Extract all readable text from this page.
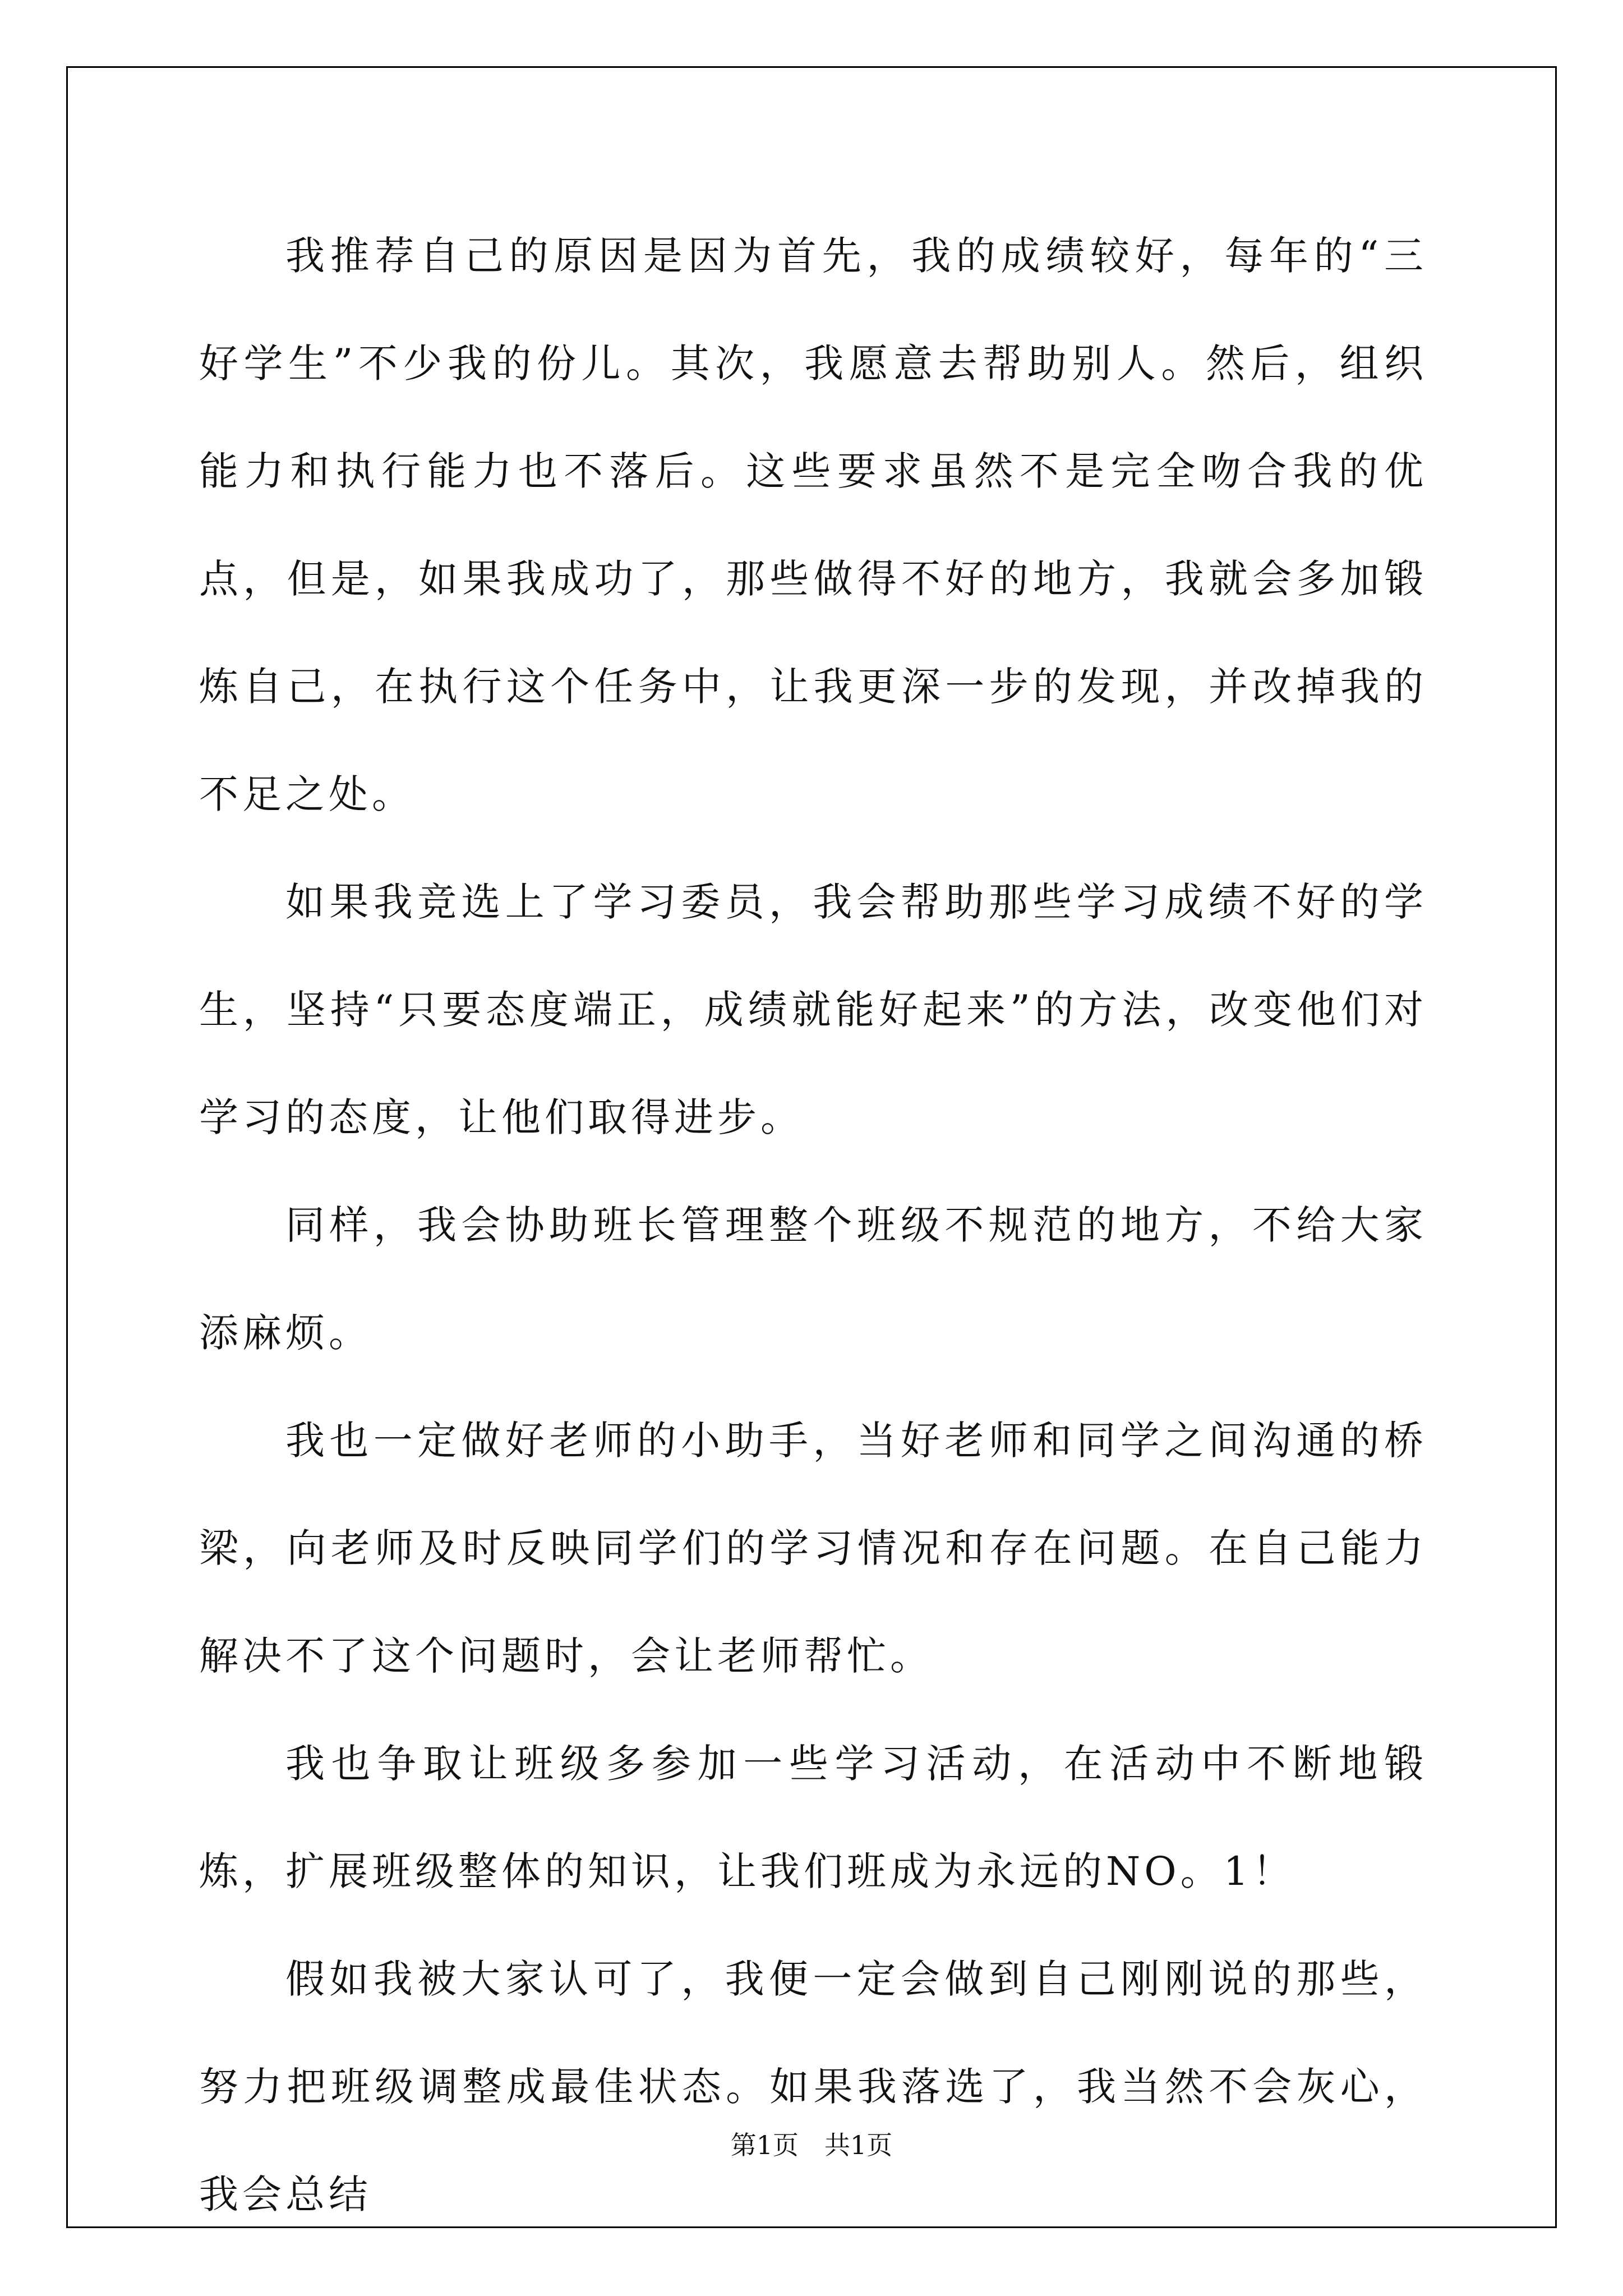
我推荐自己的原因是因为首先，我的成绩较好，每年的“三好学生”不少我的份儿。其次，我愿意去帮助别人。然后，组织能力和执行能力也不落后。这些要求虽然不是完全吻合我的优点，但是，如果我成功了，那些做得不好的地方，我就会多加锻炼自己，在执行这个任务中，让我更深一步的发现，并改掉我的不足之处。

如果我竞选上了学习委员，我会帮助那些学习成绩不好的学生，坚持“只要态度端正，成绩就能好起来”的方法，改变他们对学习的态度，让他们取得进步。

同样，我会协助班长管理整个班级不规范的地方，不给大家添麻烦。

我也一定做好老师的小助手，当好老师和同学之间沟通的桥梁，向老师及时反映同学们的学习情况和存在问题。在自己能力解决不了这个问题时，会让老师帮忙。

我也争取让班级多参加一些学习活动，在活动中不断地锻炼，扩展班级整体的知识，让我们班成为永远的NO。1！

假如我被大家认可了，我便一定会做到自己刚刚说的那些，努力把班级调整成最佳状态。如果我落选了，我当然不会灰心，我会总结

第1页　共1页
